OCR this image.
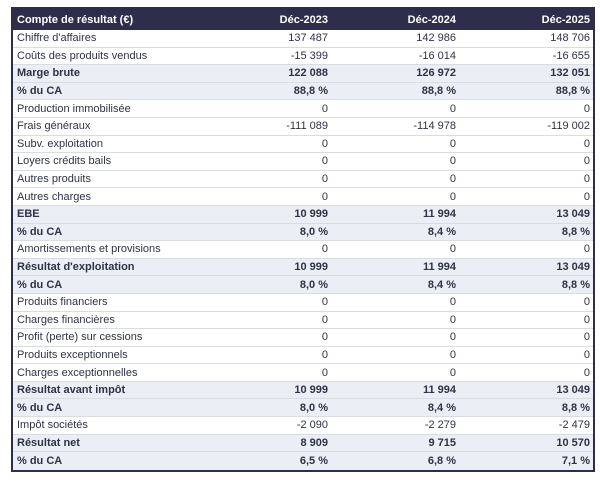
Compte de résultat (€)	Déc-2023	Déc-2024	Déc-2025
Chiffre d'affaires	137 487	142 986	148 706
Coûts des produits vendus	-15 399	-16 014	-16 655
Marge brute	122 088	126 972	132 051
% du CA	88,8 %	88,8 %	88,8 %
Production immobilisée	0	0	0
Frais généraux	-111 089	-114 978	-119 002
Subv. exploitation	0	0	0
Loyers crédits bails	0	0	0
Autres produits	0	0	0
Autres charges	0	0	0
EBE	10 999	11 994	13 049
% du CA	8,0 %	8,4 %	8,8 %
Amortissements et provisions	0	0	0
Résultat d'exploitation	10 999	11 994	13 049
% du CA	8,0 %	8,4 %	8,8 %
Produits financiers	0	0	0
Charges financières	0	0	0
Profit (perte) sur cessions	0	0	0
Produits exceptionnels	0	0	0
Charges exceptionnelles	0	0	0
Résultat avant impôt	10 999	11 994	13 049
% du CA	8,0 %	8,4 %	8,8 %
Impôt sociétés	-2 090	-2 279	-2 479
Résultat net	8 909	9 715	10 570
% du CA	6,5 %	6,8 %	7,1 %
